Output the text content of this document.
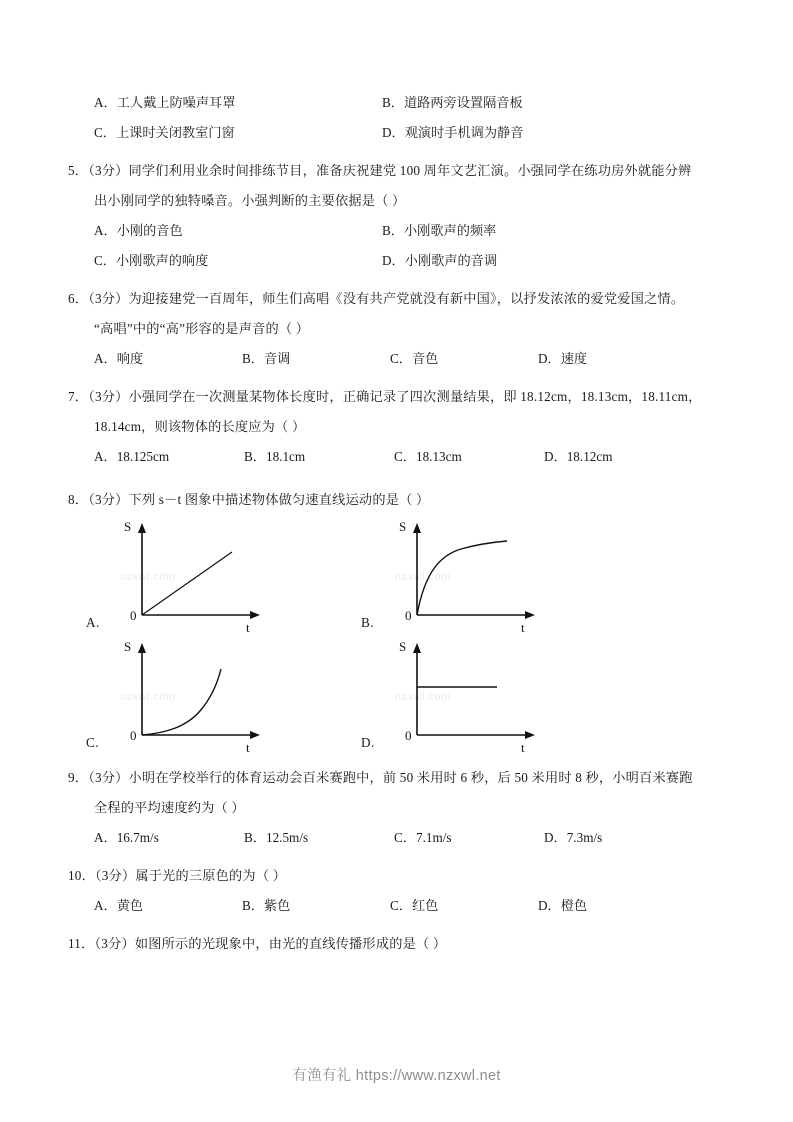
A．工人戴上防噪声耳罩	B．道路两旁设置隔音板
C．上课时关闭教室门窗	D．观演时手机调为静音
5．（3分）同学们利用业余时间排练节目，准备庆祝建党 100 周年文艺汇演。小强同学在练功房外就能分辨
出小刚同学的独特嗓音。小强判断的主要依据是（ ）
A．小刚的音色	B．小刚歌声的频率
C．小刚歌声的响度	D．小刚歌声的音调
6．（3分）为迎接建党一百周年，师生们高唱《没有共产党就没有新中国》，以抒发浓浓的爱党爱国之情。
“高唱”中的“高”形容的是声音的（ ）
A．响度	B．音调	C．音色	D．速度
7．（3分）小强同学在一次测量某物体长度时，正确记录了四次测量结果，即 18.12cm，18.13cm，18.11cm，
18.14cm，则该物体的长度应为（ ）
A．18.125cm	B．18.1cm	C．18.13cm	D．18.12cm
8．（3分）下列 s－t 图象中描述物体做匀速直线运动的是（ ）
A.
nzxwl.com
S
0
t	B.
nzxwl.com
S
0
t
C.
nzxwl.com
S
0
t	D.
nzxwl.com
S
0
t
9．（3分）小明在学校举行的体育运动会百米赛跑中，前 50 米用时 6 秒，后 50 米用时 8 秒，小明百米赛跑
全程的平均速度约为（ ）
A．16.7m/s	B．12.5m/s	C．7.1m/s	D．7.3m/s
10．（3分）属于光的三原色的为（ ）
A．黄色	B．紫色	C．红色	D．橙色
11．（3分）如图所示的光现象中，由光的直线传播形成的是（ ）
有渔有礼 https://www.nzxwl.net
